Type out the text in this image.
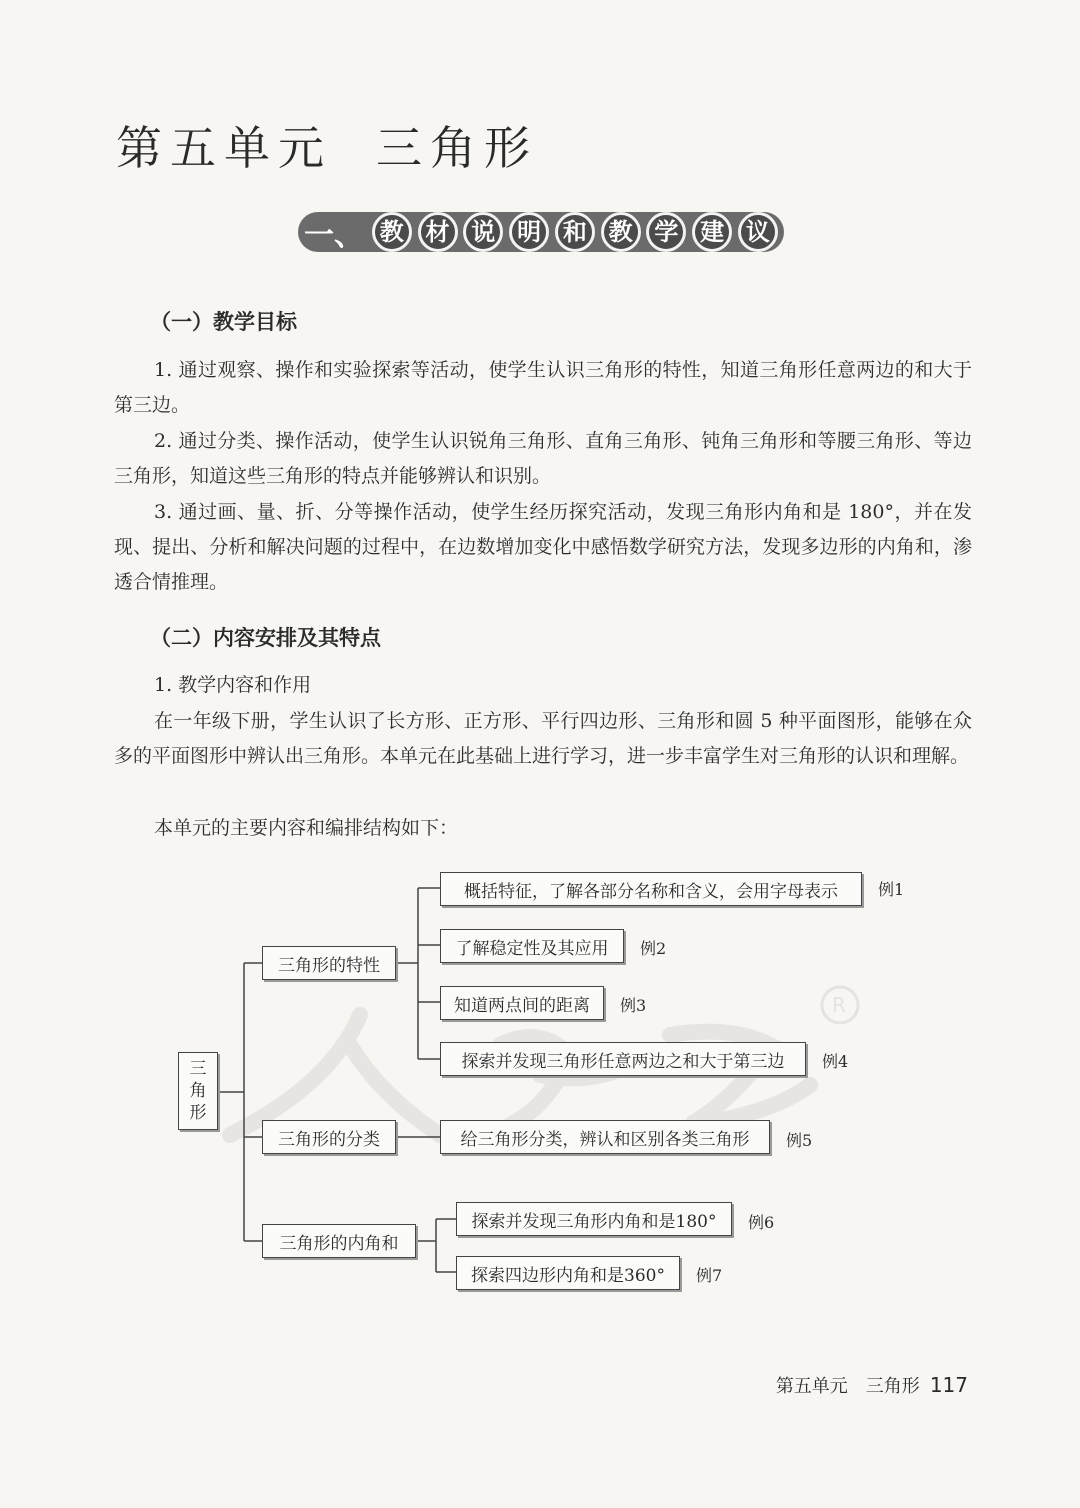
R
第五单元 三角形
一、 教 材 说 明 和 教 学 建 议
（一）教学目标
1. 通过观察、操作和实验探索等活动，使学生认识三角形的特性，知道三角形任意两边的和大于第三边。
2. 通过分类、操作活动，使学生认识锐角三角形、直角三角形、钝角三角形和等腰三角形、等边三角形，知道这些三角形的特点并能够辨认和识别。
3. 通过画、量、折、分等操作活动，使学生经历探究活动，发现三角形内角和是 180°，并在发现、提出、分析和解决问题的过程中，在边数增加变化中感悟数学研究方法，发现多边形的内角和，渗透合情推理。
（二）内容安排及其特点
1. 教学内容和作用
在一年级下册，学生认识了长方形、正方形、平行四边形、三角形和圆 5 种平面图形，能够在众多的平面图形中辨认出三角形。本单元在此基础上进行学习，进一步丰富学生对三角形的认识和理解。
本单元的主要内容和编排结构如下：
三
角
形
三角形的特性
三角形的分类
三角形的内角和
概括特征，了解各部分名称和含义，会用字母表示	例1
了解稳定性及其应用	例2
知道两点间的距离	例3
探索并发现三角形任意两边之和大于第三边	例4
给三角形分类，辨认和区别各类三角形	例5
探索并发现三角形内角和是180°	例6
探索四边形内角和是360°	例7
第五单元　三角形 117
